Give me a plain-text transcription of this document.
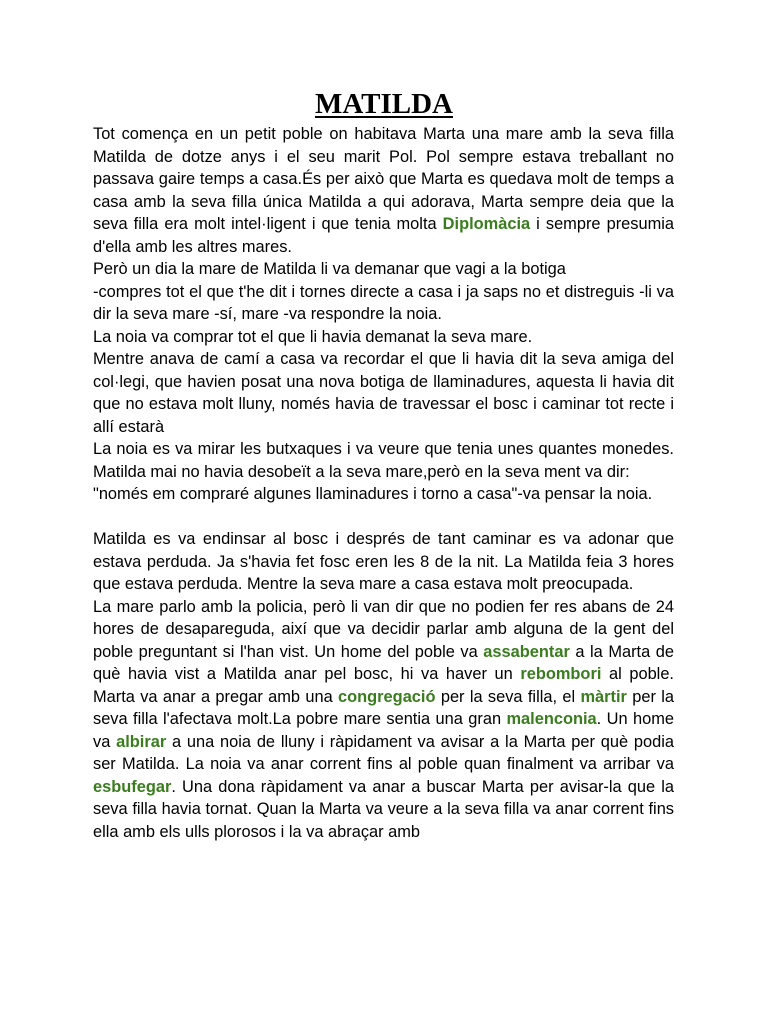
MATILDA

Tot comença en un petit poble on habitava Marta una mare amb la seva filla Matilda de dotze anys i el seu marit Pol. Pol sempre estava treballant no passava gaire temps a casa.És per això que Marta es quedava molt de temps a casa amb la seva filla única Matilda a qui adorava, Marta sempre deia que la seva filla era molt intel·ligent i que tenia molta Diplomàcia i sempre presumia d'ella amb les altres mares.

Però un dia la mare de Matilda li va demanar que vagi a la botiga

-compres tot el que t'he dit i tornes directe a casa i ja saps no et distreguis -li va dir la seva mare -sí, mare -va respondre la noia.

La noia va comprar tot el que li havia demanat la seva mare.

Mentre anava de camí a casa va recordar el que li havia dit la seva amiga del col·legi, que havien posat una nova botiga de llaminadures, aquesta li havia dit que no estava molt lluny, només havia de travessar el bosc i caminar tot recte i allí estarà

La noia es va mirar les butxaques i va veure que tenia unes quantes monedes. Matilda mai no havia desobeït a la seva mare,però en la seva ment va dir:

"només em compraré algunes llaminadures i torno a casa"-va pensar la noia.

Matilda es va endinsar al bosc i després de tant caminar es va adonar que estava perduda. Ja s'havia fet fosc eren les 8 de la nit. La Matilda feia 3 hores que estava perduda. Mentre la seva mare a casa estava molt preocupada.

La mare parlo amb la policia, però li van dir que no podien fer res abans de 24 hores de desapareguda, així que va decidir parlar amb alguna de la gent del poble preguntant si l'han vist. Un home del poble va assabentar a la Marta de què havia vist a Matilda anar pel bosc, hi va haver un rebombori al poble. Marta va anar a pregar amb una congregació per la seva filla, el màrtir per la seva filla l'afectava molt.La pobre mare sentia una gran malenconia. Un home va albirar a una noia de lluny i ràpidament va avisar a la Marta per què podia ser Matilda. La noia va anar corrent fins al poble quan finalment va arribar va esbufegar. Una dona ràpidament va anar a buscar Marta per avisar-la que la seva filla havia tornat. Quan la Marta va veure a la seva filla va anar corrent fins ella amb els ulls plorosos i la va abraçar amb
